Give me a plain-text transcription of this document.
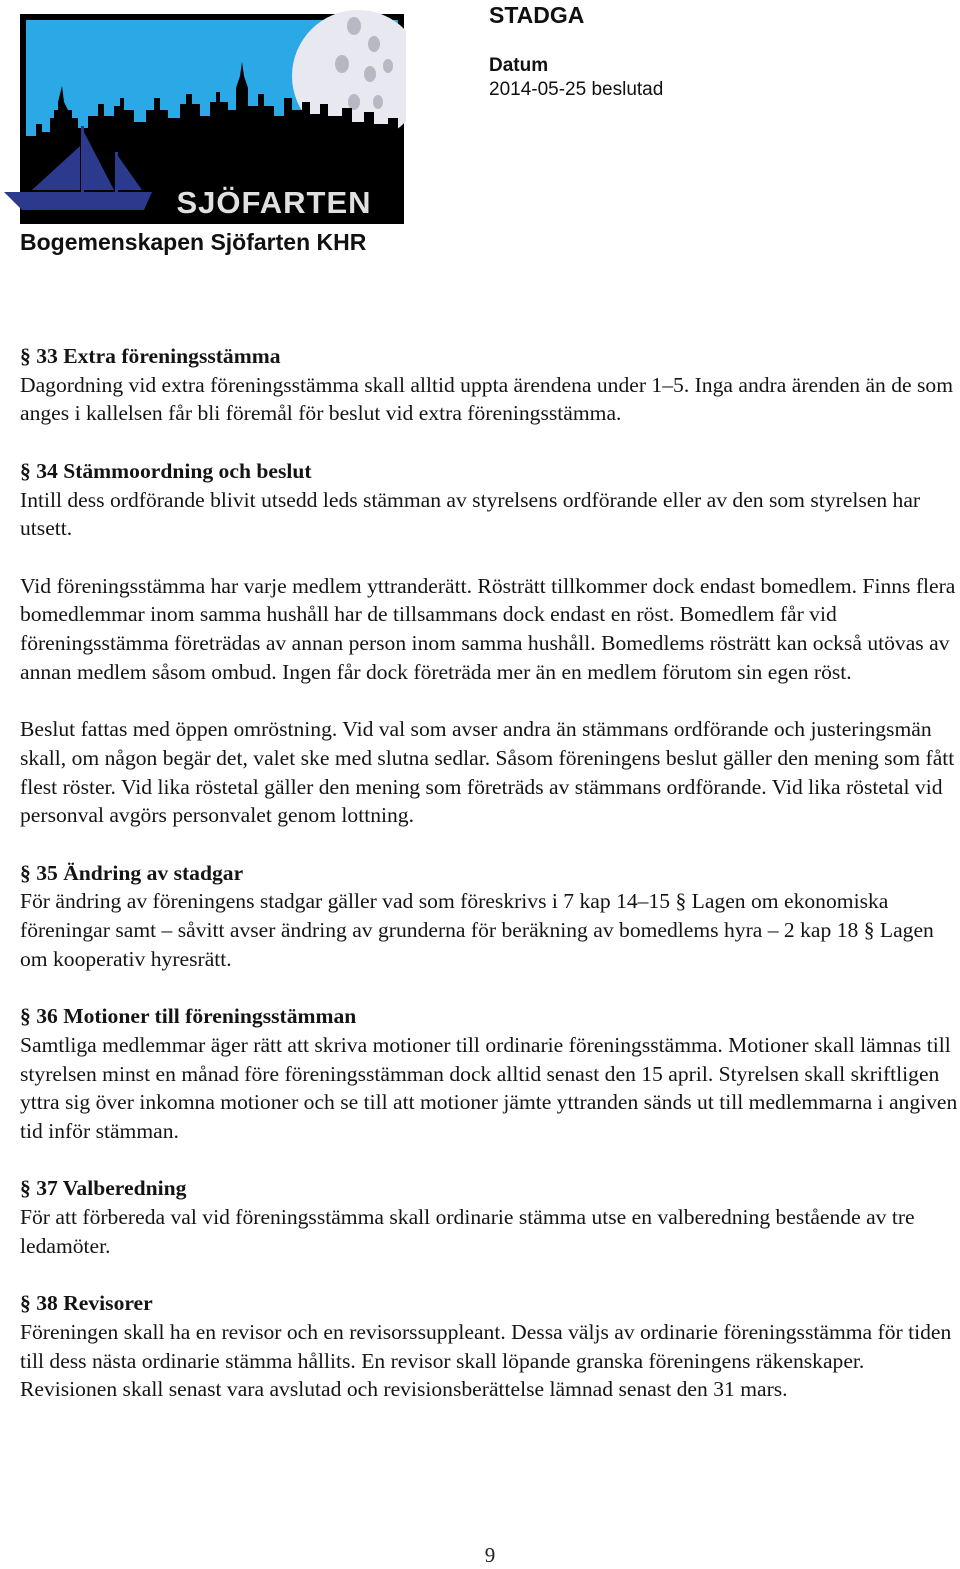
SJÖFARTEN
Bogemenskapen Sjöfarten KHR
STADGA
Datum
2014-05-25 beslutad

§ 33 Extra föreningsstämma

Dagordning vid extra föreningsstämma skall alltid uppta ärendena under 1–5. Inga andra ärenden än de som anges i kallelsen får bli föremål för beslut vid extra föreningsstämma.

§ 34 Stämmoordning och beslut

Intill dess ordförande blivit utsedd leds stämman av styrelsens ordförande eller av den som styrelsen har utsett.

Vid föreningsstämma har varje medlem yttranderätt. Rösträtt tillkommer dock endast bomedlem. Finns flera bomedlemmar inom samma hushåll har de tillsammans dock endast en röst. Bomedlem får vid föreningsstämma företrädas av annan person inom samma hushåll. Bomedlems rösträtt kan också utövas av annan medlem såsom ombud. Ingen får dock företräda mer än en medlem förutom sin egen röst.

Beslut fattas med öppen omröstning. Vid val som avser andra än stämmans ordförande och justeringsmän skall, om någon begär det, valet ske med slutna sedlar. Såsom föreningens beslut gäller den mening som fått flest röster. Vid lika röstetal gäller den mening som företräds av stämmans ordförande. Vid lika röstetal vid personval avgörs personvalet genom lottning.

§ 35 Ändring av stadgar

För ändring av föreningens stadgar gäller vad som föreskrivs i 7 kap 14–15 § Lagen om ekonomiska föreningar samt – såvitt avser ändring av grunderna för beräkning av bomedlems hyra – 2 kap 18 § Lagen om kooperativ hyresrätt.

§ 36 Motioner till föreningsstämman

Samtliga medlemmar äger rätt att skriva motioner till ordinarie föreningsstämma. Motioner skall lämnas till styrelsen minst en månad före föreningsstämman dock alltid senast den 15 april. Styrelsen skall skriftligen yttra sig över inkomna motioner och se till att motioner jämte yttranden sänds ut till medlemmarna i angiven tid inför stämman.

§ 37 Valberedning

För att förbereda val vid föreningsstämma skall ordinarie stämma utse en valberedning bestående av tre ledamöter.

§ 38 Revisorer

Föreningen skall ha en revisor och en revisorssuppleant. Dessa väljs av ordinarie föreningsstämma för tiden till dess nästa ordinarie stämma hållits. En revisor skall löpande granska föreningens räkenskaper. Revisionen skall senast vara avslutad och revisionsberättelse lämnad senast den 31 mars.

9
